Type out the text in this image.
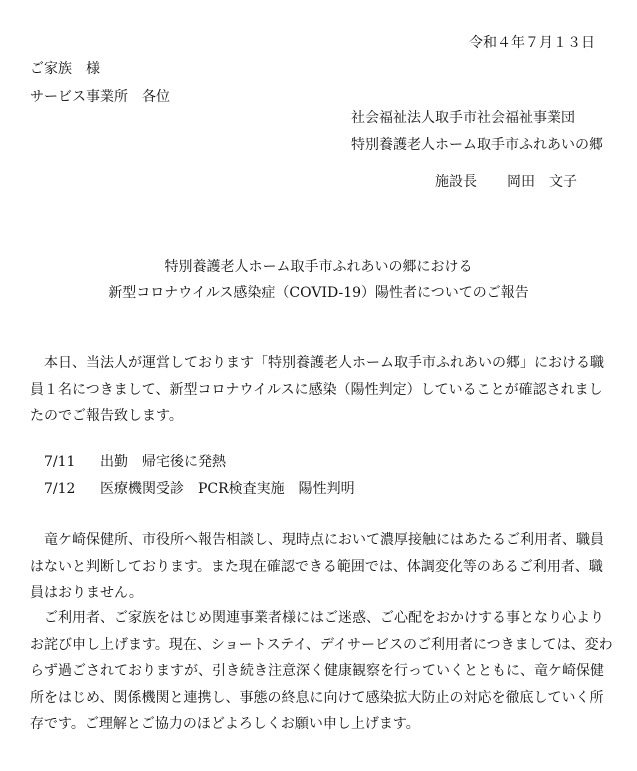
令和４年７月１３日
ご家族　様
サービス事業所　各位
社会福祉法人取手市社会福祉事業団
特別養護老人ホーム取手市ふれあいの郷
施設長 岡田　文子
特別養護老人ホーム取手市ふれあいの郷における
新型コロナウイルス感染症（COVID-19）陽性者についてのご報告
　本日、当法人が運営しております「特別養護老人ホーム取手市ふれあいの郷」における職員１名につきまして、新型コロナウイルスに感染（陽性判定）していることが確認されましたのでご報告致します。
7/11 出勤　帰宅後に発熱
7/12 医療機関受診　PCR検査実施　陽性判明
　竜ケ崎保健所、市役所へ報告相談し、現時点において濃厚接触にはあたるご利用者、職員はないと判断しております。また現在確認できる範囲では、体調変化等のあるご利用者、職員はおりません。
　ご利用者、ご家族をはじめ関連事業者様にはご迷惑、ご心配をおかけする事となり心よりお詫び申し上げます。現在、ショートステイ、デイサービスのご利用者につきましては、変わらず過ごされておりますが、引き続き注意深く健康観察を行っていくとともに、竜ケ崎保健所をはじめ、関係機関と連携し、事態の終息に向けて感染拡大防止の対応を徹底していく所存です。ご理解とご協力のほどよろしくお願い申し上げます。
